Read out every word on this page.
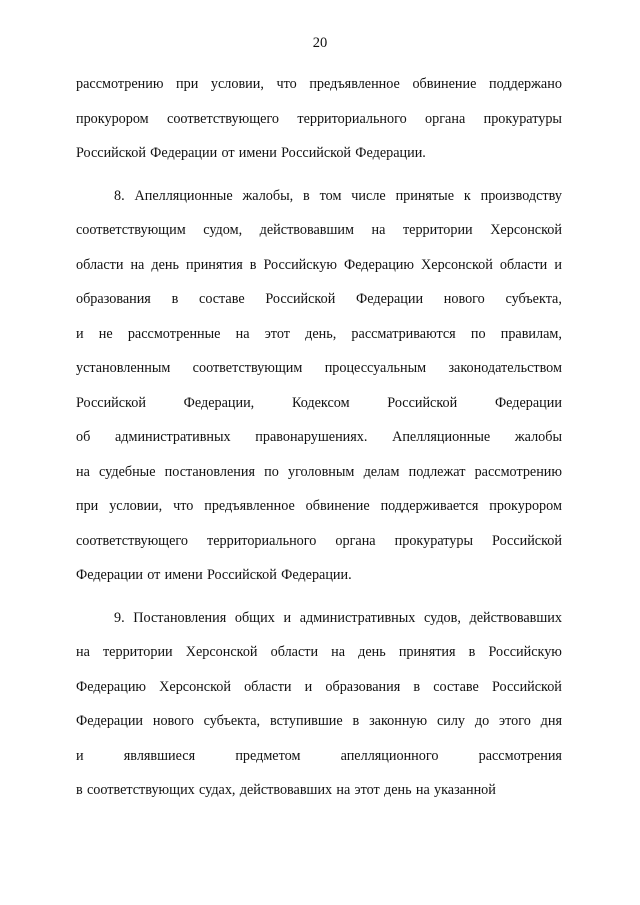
20
рассмотрению при условии, что предъявленное обвинение поддержано
прокурором соответствующего территориального органа прокуратуры
Российской Федерации от имени Российской Федерации.
8. Апелляционные жалобы, в том числе принятые к производству
соответствующим судом, действовавшим на территории Херсонской
области на день принятия в Российскую Федерацию Херсонской области и
образования в составе Российской Федерации нового субъекта,
и не рассмотренные на этот день, рассматриваются по правилам,
установленным соответствующим процессуальным законодательством
Российской	Федерации,	Кодексом	Российской	Федерации
об административных правонарушениях. Апелляционные жалобы
на судебные постановления по уголовным делам подлежат рассмотрению
при условии, что предъявленное обвинение поддерживается прокурором
соответствующего территориального органа прокуратуры Российской
Федерации от имени Российской Федерации.
9. Постановления общих и административных судов, действовавших
на территории Херсонской области на день принятия в Российскую
Федерацию Херсонской области и образования в составе Российской
Федерации нового субъекта, вступившие в законную силу до этого дня
и	являвшиеся	предметом	апелляционного	рассмотрения
в соответствующих судах, действовавших на этот день на указанной
